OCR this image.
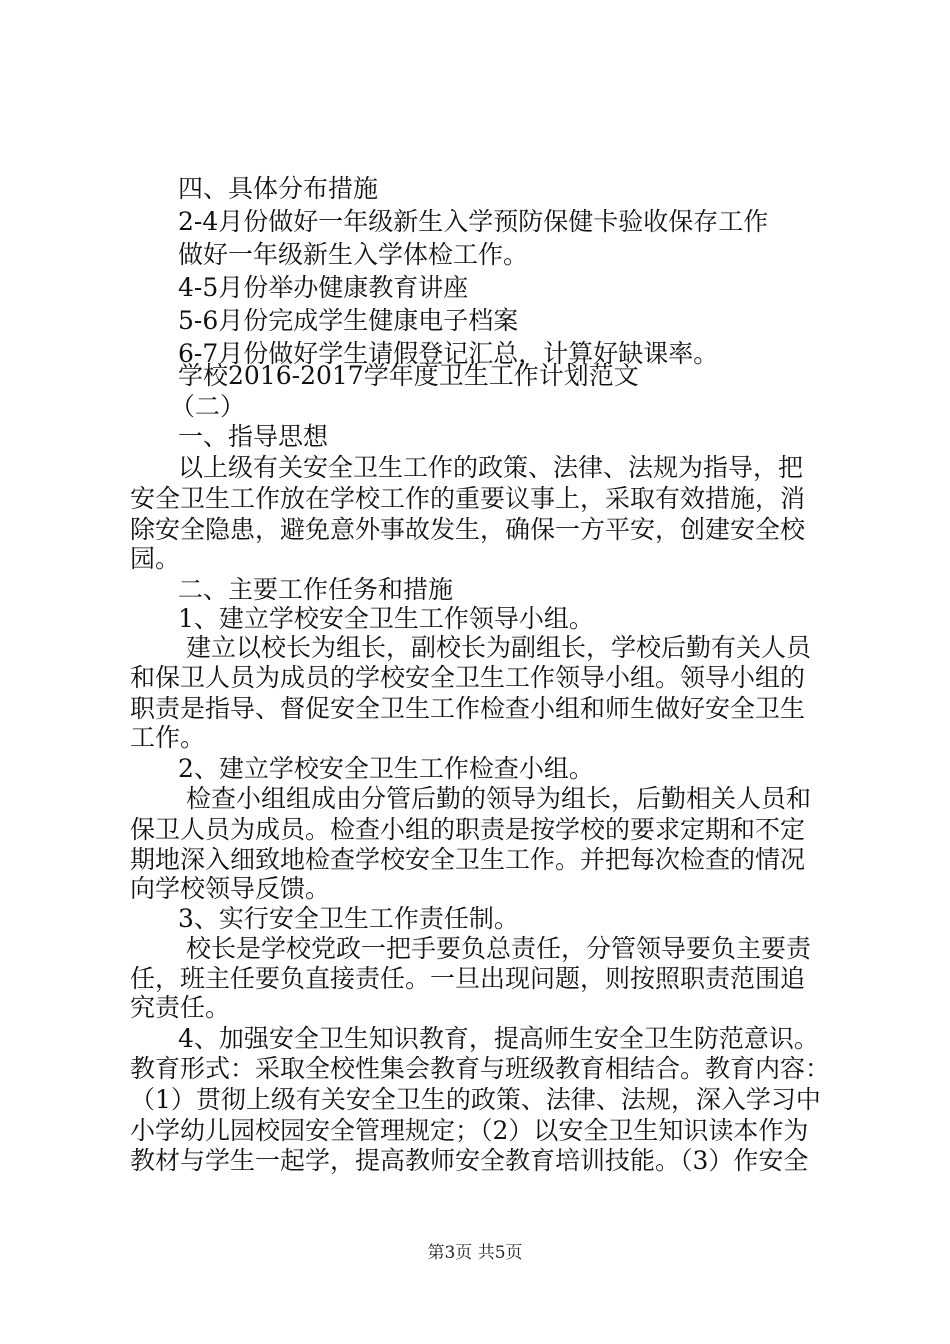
四、具体分布措施
2-4月份做好一年级新生入学预防保健卡验收保存工作
做好一年级新生入学体检工作。
4-5月份举办健康教育讲座
5-6月份完成学生健康电子档案
6-7月份做好学生请假登记汇总，计算好缺课率。
学校2016-2017学年度卫生工作计划范文
（二）
一、指导思想
以上级有关安全卫生工作的政策、法律、法规为指导，把
安全卫生工作放在学校工作的重要议事上，采取有效措施，消
除安全隐患，避免意外事故发生，确保一方平安，创建安全校
园。
二、主要工作任务和措施
1、建立学校安全卫生工作领导小组。
建立以校长为组长，副校长为副组长，学校后勤有关人员
和保卫人员为成员的学校安全卫生工作领导小组。领导小组的
职责是指导、督促安全卫生工作检查小组和师生做好安全卫生
工作。
2、建立学校安全卫生工作检查小组。
检查小组组成由分管后勤的领导为组长，后勤相关人员和
保卫人员为成员。检查小组的职责是按学校的要求定期和不定
期地深入细致地检查学校安全卫生工作。并把每次检查的情况
向学校领导反馈。
3、实行安全卫生工作责任制。
校长是学校党政一把手要负总责任，分管领导要负主要责
任，班主任要负直接责任。一旦出现问题，则按照职责范围追
究责任。
4、加强安全卫生知识教育，提高师生安全卫生防范意识。
教育形式：采取全校性集会教育与班级教育相结合。教育内容：
（1）贯彻上级有关安全卫生的政策、法律、法规，深入学习中
小学幼儿园校园安全管理规定；（2）以安全卫生知识读本作为
教材与学生一起学，提高教师安全教育培训技能。（3）作安全
第3页 共5页
